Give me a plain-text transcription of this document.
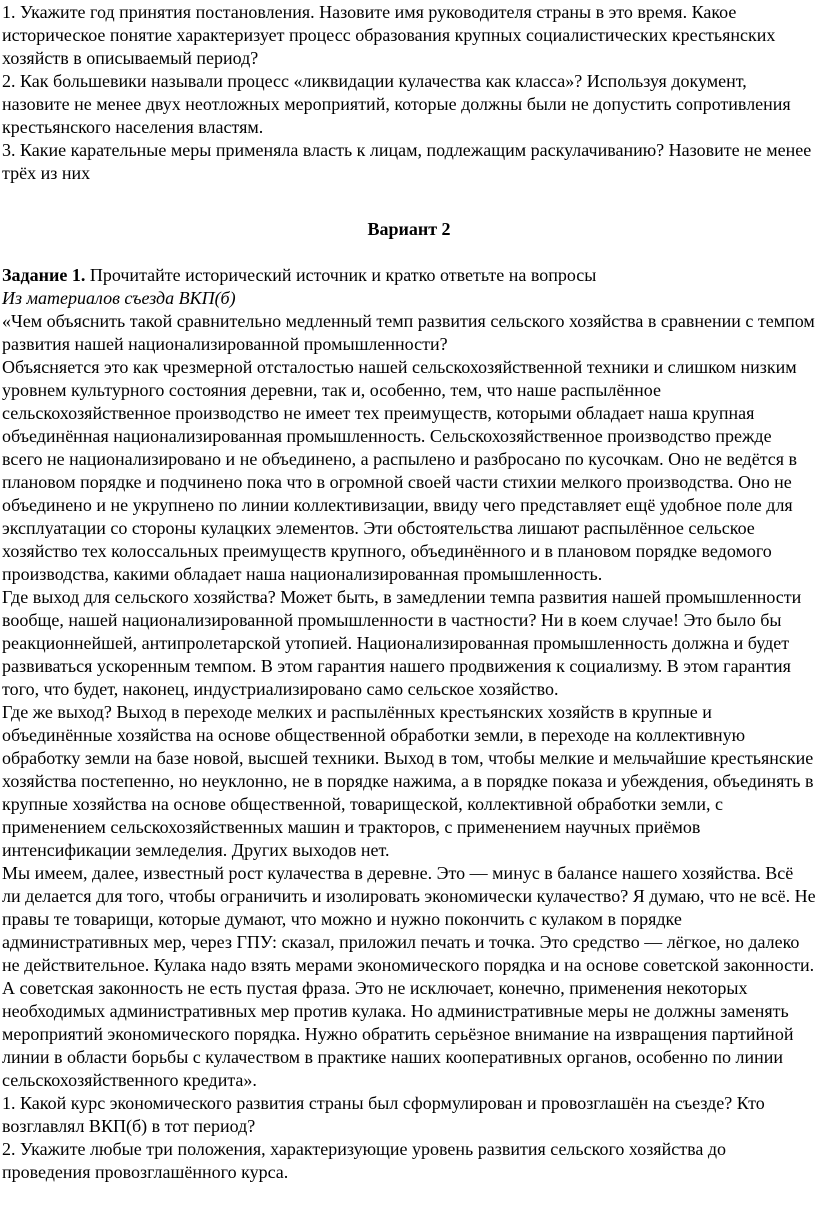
1. Укажите год принятия постановления. Назовите имя руководителя страны в это время. Какое историческое понятие характеризует процесс образования крупных социалистических крестьянских хозяйств в описываемый период?

2. Как большевики называли процесс «ликвидации кулачества как класса»? Используя документ, назовите не менее двух неотложных мероприятий, которые должны были не допустить сопротивления крестьянского населения властям.

3. Какие карательные меры применяла власть к лицам, подлежащим раскулачиванию? Назовите не менее трёх из них

Вариант 2

Задание 1. Прочитайте исторический источник и кратко ответьте на вопросы

Из материалов съезда ВКП(б)

«Чем объяснить такой сравнительно медленный темп развития сельского хозяйства в сравнении с темпом развития нашей национализированной промышленности?

Объясняется это как чрезмерной отсталостью нашей сельскохозяйственной техники и слишком низким уровнем культурного состояния деревни, так и, особенно, тем, что наше распылённое сельскохозяйственное производство не имеет тех преимуществ, которыми обладает наша крупная объединённая национализированная промышленность. Сельскохозяйственное производство прежде всего не национализировано и не объединено, а распылено и разбросано по кусочкам. Оно не ведётся в плановом порядке и подчинено пока что в огромной своей части стихии мелкого производства. Оно не объединено и не укрупнено по линии коллективизации, ввиду чего представляет ещё удобное поле для эксплуатации со стороны кулацких элементов. Эти обстоятельства лишают распылённое сельское хозяйство тех колоссальных преимуществ крупного, объединённого и в плановом порядке ведомого производства, какими обладает наша национализированная промышленность.

Где выход для сельского хозяйства? Может быть, в замедлении темпа развития нашей промышленности вообще, нашей национализированной промышленности в частности? Ни в коем случае! Это было бы реакционнейшей, антипролетарской утопией. Национализированная промышленность должна и будет развиваться ускоренным темпом. В этом гарантия нашего продвижения к социализму. В этом гарантия того, что будет, наконец, индустриализировано само сельское хозяйство.

Где же выход? Выход в переходе мелких и распылённых крестьянских хозяйств в крупные и объединённые хозяйства на основе общественной обработки земли, в переходе на коллективную обработку земли на базе новой, высшей техники. Выход в том, чтобы мелкие и мельчайшие крестьянские хозяйства постепенно, но неуклонно, не в порядке нажима, а в порядке показа и убеждения, объединять в крупные хозяйства на основе общественной, товарищеской, коллективной обработки земли, с применением сельскохозяйственных машин и тракторов, с применением научных приёмов интенсификации земледелия. Других выходов нет.

Мы имеем, далее, известный рост кулачества в деревне. Это — минус в балансе нашего хозяйства. Всё ли делается для того, чтобы ограничить и изолировать экономически кулачество? Я думаю, что не всё. Не правы те товарищи, которые думают, что можно и нужно покончить с кулаком в порядке административных мер, через ГПУ: сказал, приложил печать и точка. Это средство — лёгкое, но далеко не действительное. Кулака надо взять мерами экономического порядка и на основе советской законности. А советская законность не есть пустая фраза. Это не исключает, конечно, применения некоторых необходимых административных мер против кулака. Но административные меры не должны заменять мероприятий экономического порядка. Нужно обратить серьёзное внимание на извращения партийной линии в области борьбы с кулачеством в практике наших кооперативных органов, особенно по линии сельскохозяйственного кредита».

1. Какой курс экономического развития страны был сформулирован и провозглашён на съезде? Кто возглавлял ВКП(б) в тот период?

2. Укажите любые три положения, характеризующие уровень развития сельского хозяйства до проведения провозглашённого курса.
